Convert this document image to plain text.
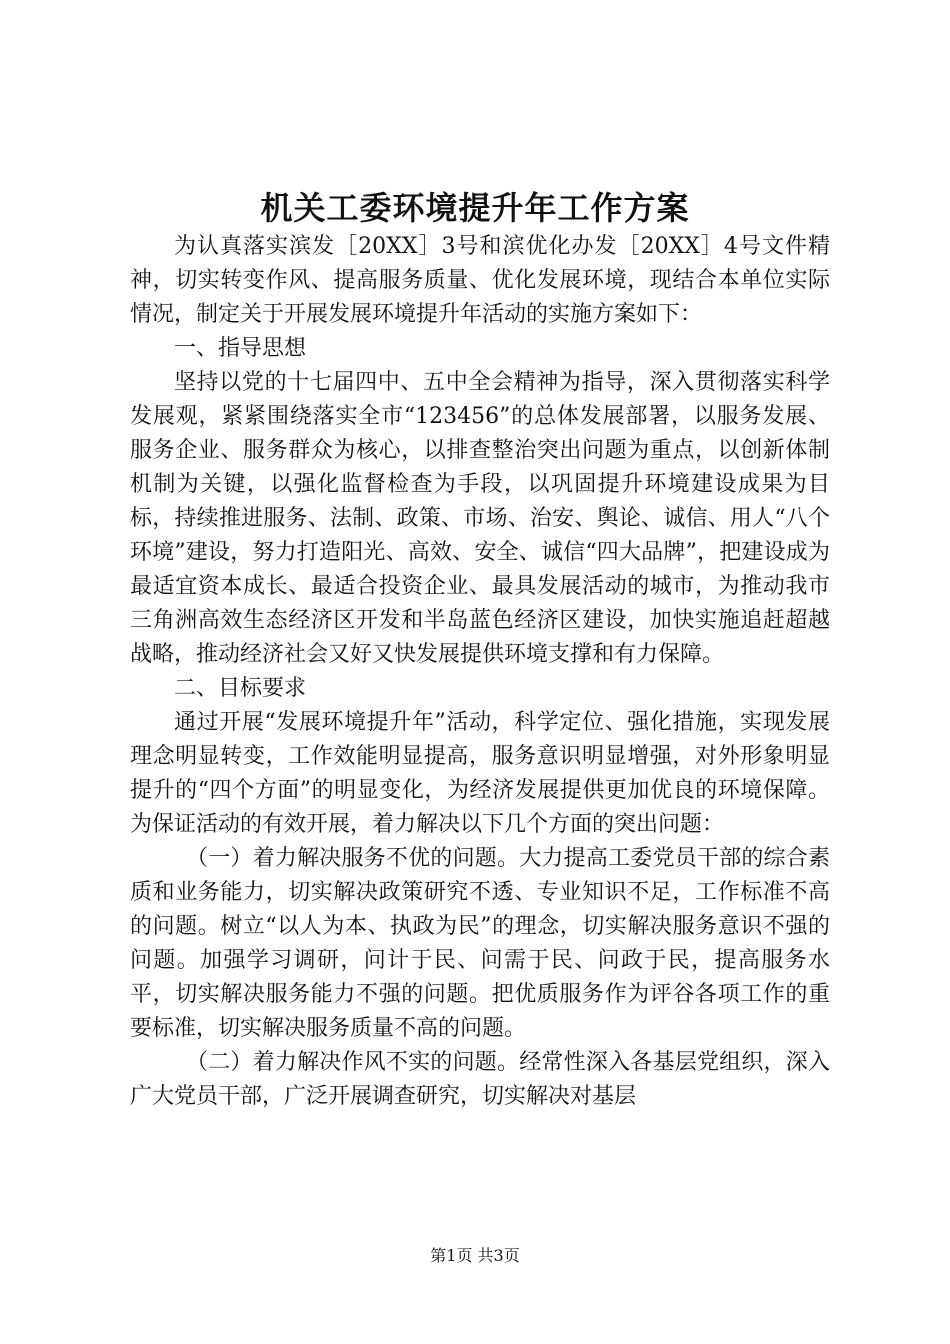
机关工委环境提升年工作方案

为认真落实滨发［20XX］3号和滨优化办发［20XX］4号文件精神，切实转变作风、提高服务质量、优化发展环境，现结合本单位实际情况，制定关于开展发展环境提升年活动的实施方案如下：

一、指导思想

坚持以党的十七届四中、五中全会精神为指导，深入贯彻落实科学发展观，紧紧围绕落实全市“123456”的总体发展部署，以服务发展、服务企业、服务群众为核心，以排查整治突出问题为重点，以创新体制机制为关键，以强化监督检查为手段，以巩固提升环境建设成果为目标，持续推进服务、法制、政策、市场、治安、舆论、诚信、用人“八个环境”建设，努力打造阳光、高效、安全、诚信“四大品牌”，把建设成为最适宜资本成长、最适合投资企业、最具发展活动的城市，为推动我市三角洲高效生态经济区开发和半岛蓝色经济区建设，加快实施追赶超越战略，推动经济社会又好又快发展提供环境支撑和有力保障。

二、目标要求

通过开展“发展环境提升年”活动，科学定位、强化措施，实现发展理念明显转变，工作效能明显提高，服务意识明显增强，对外形象明显提升的“四个方面”的明显变化，为经济发展提供更加优良的环境保障。为保证活动的有效开展，着力解决以下几个方面的突出问题：

（一）着力解决服务不优的问题。大力提高工委党员干部的综合素质和业务能力，切实解决政策研究不透、专业知识不足，工作标准不高的问题。树立“以人为本、执政为民”的理念，切实解决服务意识不强的问题。加强学习调研，问计于民、问需于民、问政于民，提高服务水平，切实解决服务能力不强的问题。把优质服务作为评谷各项工作的重要标准，切实解决服务质量不高的问题。

（二）着力解决作风不实的问题。经常性深入各基层党组织，深入广大党员干部，广泛开展调查研究，切实解决对基层

第1页 共3页
